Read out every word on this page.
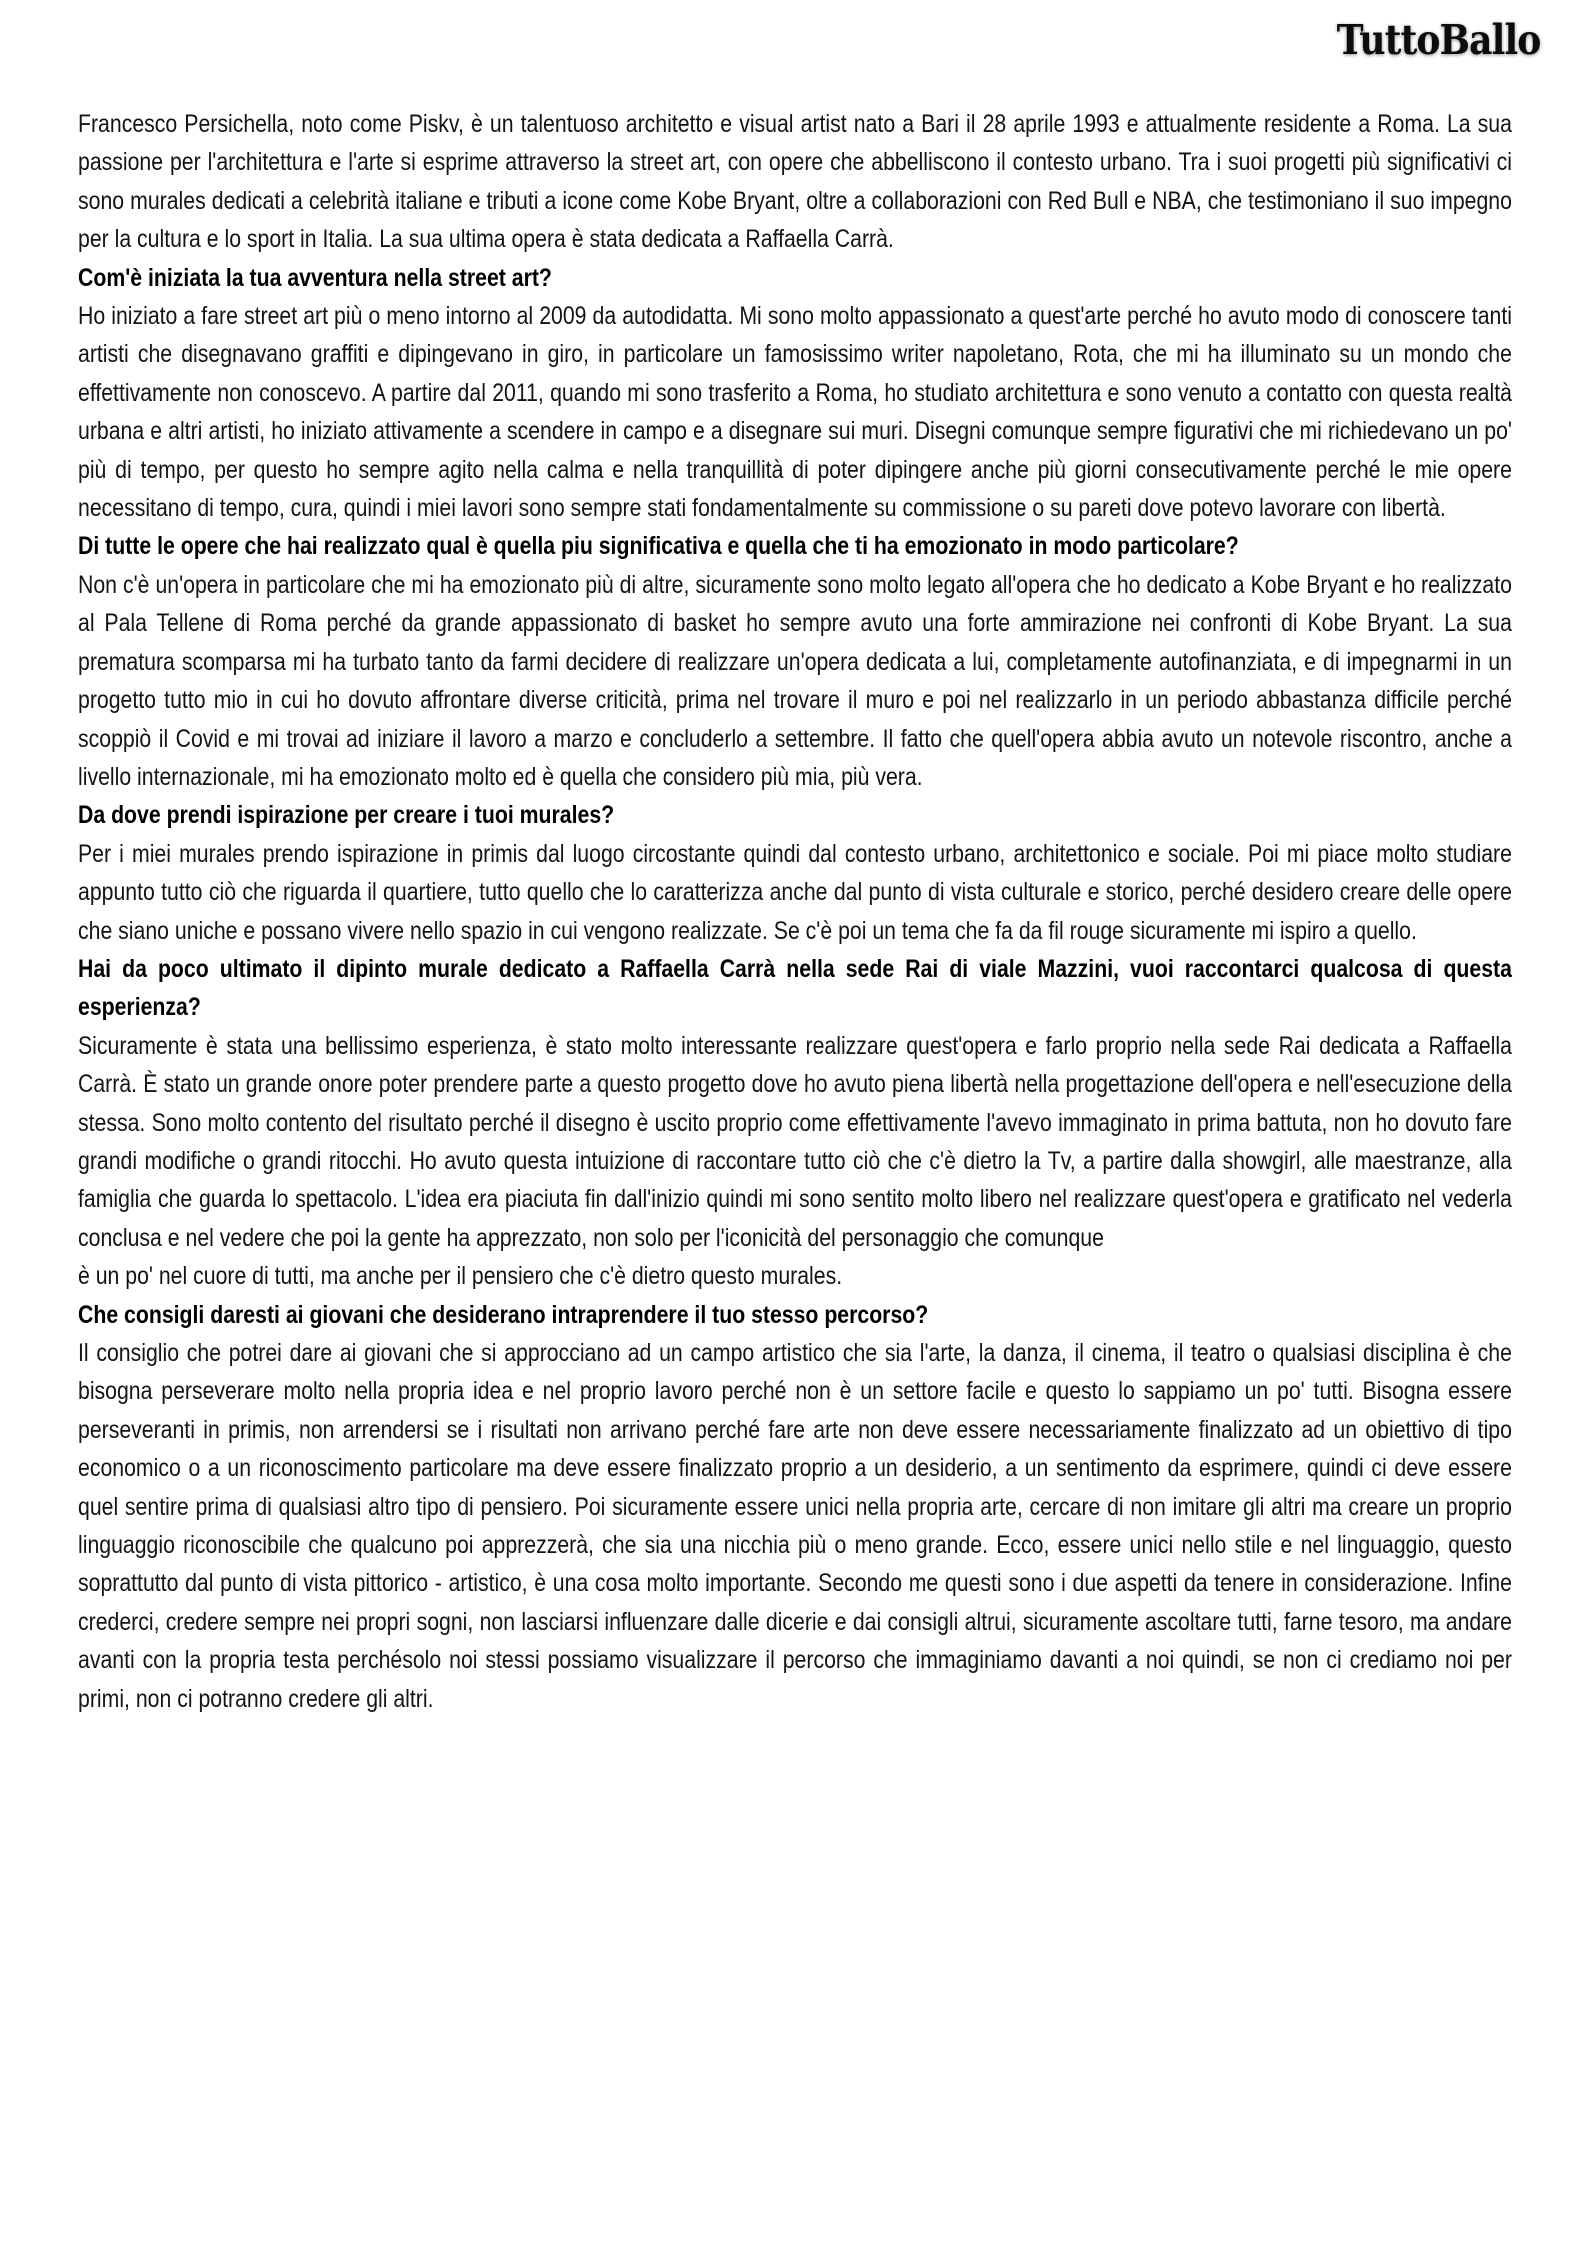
TuttoBallo

Francesco Persichella, noto come Piskv, è un talentuoso architetto e visual artist nato a Bari il 28 aprile 1993 e attualmente residente a Roma. La sua passione per l'architettura e l'arte si esprime attraverso la street art, con opere che abbelliscono il contesto urbano. Tra i suoi progetti più significativi ci sono murales dedicati a celebrità italiane e tributi a icone come Kobe Bryant, oltre a collaborazioni con Red Bull e NBA, che testimoniano il suo impegno per la cultura e lo sport in Italia. La sua ultima opera è stata dedicata a Raffaella Carrà.

Com'è iniziata la tua avventura nella street art?

Ho iniziato a fare street art più o meno intorno al 2009 da autodidatta. Mi sono molto appassionato a quest'arte perché ho avuto modo di conoscere tanti artisti che disegnavano graffiti e dipingevano in giro, in particolare un famosissimo writer napoletano, Rota, che mi ha illuminato su un mondo che effettivamente non conoscevo. A partire dal 2011, quando mi sono trasferito a Roma, ho studiato architettura e sono venuto a contatto con questa realtà urbana e altri artisti, ho iniziato attivamente a scendere in campo e a disegnare sui muri. Disegni comunque sempre figurativi che mi richiedevano un po' più di tempo, per questo ho sempre agito nella calma e nella tranquillità di poter dipingere anche più giorni consecutivamente perché le mie opere necessitano di tempo, cura, quindi i miei lavori sono sempre stati fondamentalmente su commissione o su pareti dove potevo lavorare con libertà.

Di tutte le opere che hai realizzato qual è quella piu significativa e quella che ti ha emozionato in modo particolare?

Non c'è un'opera in particolare che mi ha emozionato più di altre, sicuramente sono molto legato all'opera che ho dedicato a Kobe Bryant e ho realizzato al Pala Tellene di Roma perché da grande appassionato di basket ho sempre avuto una forte ammirazione nei confronti di Kobe Bryant. La sua prematura scomparsa mi ha turbato tanto da farmi decidere di realizzare un'opera dedicata a lui, completamente autofinanziata, e di impegnarmi in un progetto tutto mio in cui ho dovuto affrontare diverse criticità, prima nel trovare il muro e poi nel realizzarlo in un periodo abbastanza difficile perché scoppiò il Covid e mi trovai ad iniziare il lavoro a marzo e concluderlo a settembre. Il fatto che quell'opera abbia avuto un notevole riscontro, anche a livello internazionale, mi ha emozionato molto ed è quella che considero più mia, più vera.

Da dove prendi ispirazione per creare i tuoi murales?

Per i miei murales prendo ispirazione in primis dal luogo circostante quindi dal contesto urbano, architettonico e sociale. Poi mi piace molto studiare appunto tutto ciò che riguarda il quartiere, tutto quello che lo caratterizza anche dal punto di vista culturale e storico, perché desidero creare delle opere che siano uniche e possano vivere nello spazio in cui vengono realizzate. Se c'è poi un tema che fa da fil rouge sicuramente mi ispiro a quello.

Hai da poco ultimato il dipinto murale dedicato a Raffaella Carrà nella sede Rai di viale Mazzini, vuoi raccontarci qualcosa di questa esperienza?

Sicuramente è stata una bellissimo esperienza, è stato molto interessante realizzare quest'opera e farlo proprio nella sede Rai dedicata a Raffaella Carrà. È stato un grande onore poter prendere parte a questo progetto dove ho avuto piena libertà nella progettazione dell'opera e nell'esecuzione della stessa. Sono molto contento del risultato perché il disegno è uscito proprio come effettivamente l'avevo immaginato in prima battuta, non ho dovuto fare grandi modifiche o grandi ritocchi. Ho avuto questa intuizione di raccontare tutto ciò che c'è dietro la Tv, a partire dalla showgirl, alle maestranze, alla famiglia che guarda lo spettacolo. L'idea era piaciuta fin dall'inizio quindi mi sono sentito molto libero nel realizzare quest'opera e gratificato nel vederla conclusa e nel vedere che poi la gente ha apprezzato, non solo per l'iconicità del personaggio che comunque

è un po' nel cuore di tutti, ma anche per il pensiero che c'è dietro questo murales.

Che consigli daresti ai giovani che desiderano intraprendere il tuo stesso percorso?

Il consiglio che potrei dare ai giovani che si approcciano ad un campo artistico che sia l'arte, la danza, il cinema, il teatro o qualsiasi disciplina è che bisogna perseverare molto nella propria idea e nel proprio lavoro perché non è un settore facile e questo lo sappiamo un po' tutti. Bisogna essere perseveranti in primis, non arrendersi se i risultati non arrivano perché fare arte non deve essere necessariamente finalizzato ad un obiettivo di tipo economico o a un riconoscimento particolare ma deve essere finalizzato proprio a un desiderio, a un sentimento da esprimere, quindi ci deve essere quel sentire prima di qualsiasi altro tipo di pensiero. Poi sicuramente essere unici nella propria arte, cercare di non imitare gli altri ma creare un proprio linguaggio riconoscibile che qualcuno poi apprezzerà, che sia una nicchia più o meno grande. Ecco, essere unici nello stile e nel linguaggio, questo soprattutto dal punto di vista pittorico - artistico, è una cosa molto importante. Secondo me questi sono i due aspetti da tenere in considerazione. Infine crederci, credere sempre nei propri sogni, non lasciarsi influenzare dalle dicerie e dai consigli altrui, sicuramente ascoltare tutti, farne tesoro, ma andare avanti con la propria testa perchésolo noi stessi possiamo visualizzare il percorso che immaginiamo davanti a noi quindi, se non ci crediamo noi per primi, non ci potranno credere gli altri.
